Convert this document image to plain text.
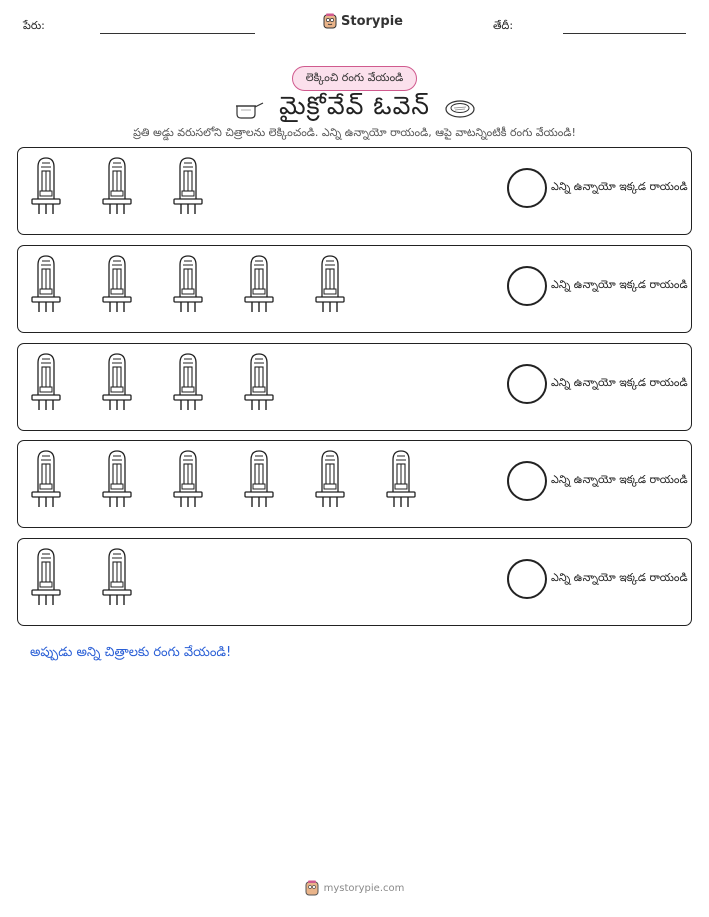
పేరు:	Storypie	తేదీ:
లెక్కించి రంగు వేయండి
మైక్రోవేవ్ ఓవెన్
ప్రతి అడ్డు వరుసలోని చిత్రాలను లెక్కించండి. ఎన్ని ఉన్నాయో రాయండి, ఆపై వాటన్నింటికీ రంగు వేయండి!
ఎన్ని ఉన్నాయో ఇక్కడ రాయండి
ఎన్ని ఉన్నాయో ఇక్కడ రాయండి
ఎన్ని ఉన్నాయో ఇక్కడ రాయండి
ఎన్ని ఉన్నాయో ఇక్కడ రాయండి
ఎన్ని ఉన్నాయో ఇక్కడ రాయండి
అప్పుడు అన్ని చిత్రాలకు రంగు వేయండి!
mystorypie.com
